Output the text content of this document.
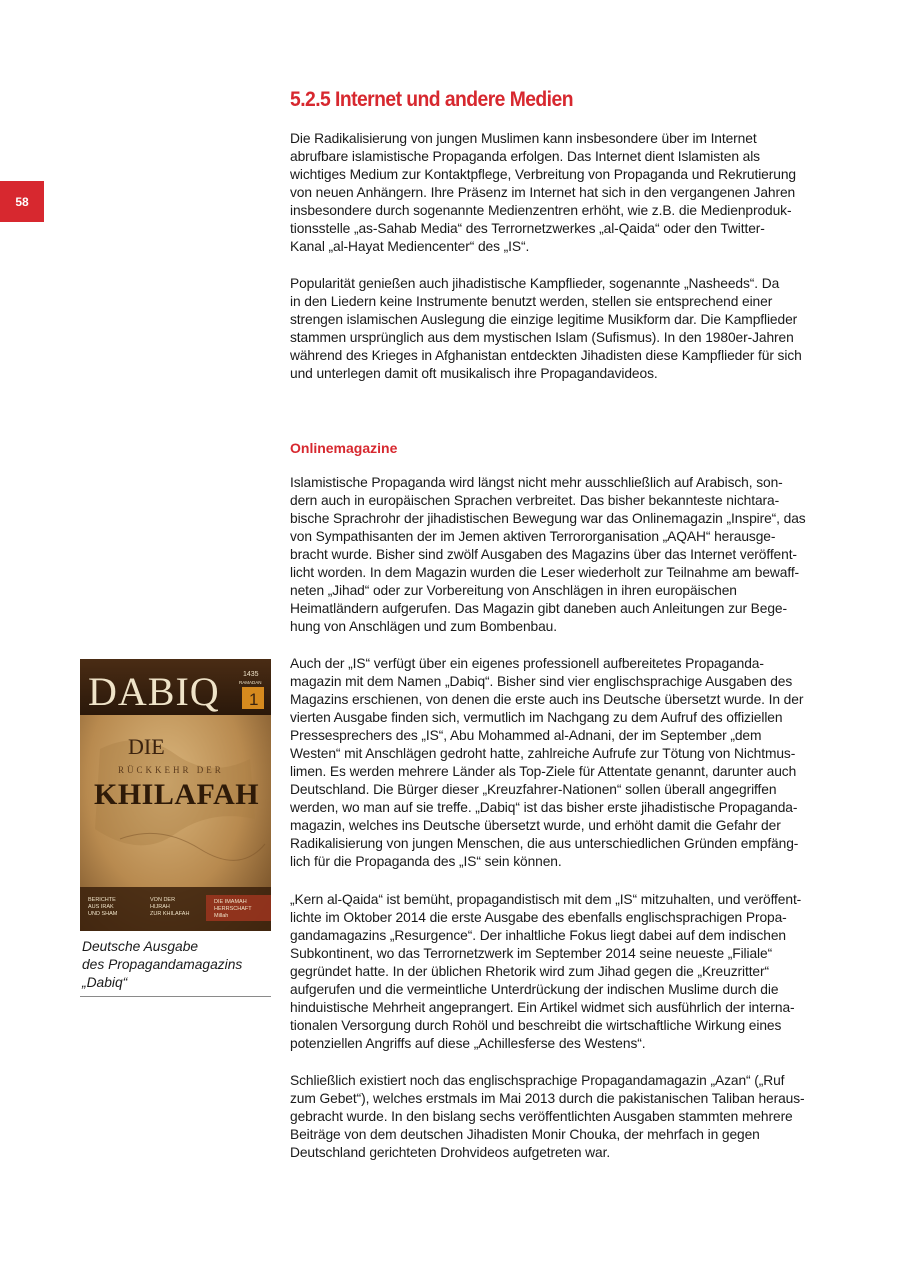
58
5.2.5 Internet und andere Medien

Die Radikalisierung von jungen Muslimen kann insbesondere über im Internet
abrufbare islamistische Propaganda erfolgen. Das Internet dient Islamisten als
wichtiges Medium zur Kontaktpflege, Verbreitung von Propaganda und Rekrutierung
von neuen Anhängern. Ihre Präsenz im Internet hat sich in den vergangenen Jahren
insbesondere durch sogenannte Medienzentren erhöht, wie z.B. die Medienproduk-
tionsstelle „as-Sahab Media“ des Terrornetzwerkes „al-Qaida“ oder den Twitter-
Kanal „al-Hayat Mediencenter“ des „IS“.

Popularität genießen auch jihadistische Kampflieder, sogenannte „Nasheeds“. Da
in den Liedern keine Instrumente benutzt werden, stellen sie entsprechend einer
strengen islamischen Auslegung die einzige legitime Musikform dar. Die Kampflieder
stammen ursprünglich aus dem mystischen Islam (Sufismus). In den 1980er-Jahren
während des Krieges in Afghanistan entdeckten Jihadisten diese Kampflieder für sich
und unterlegen damit oft musikalisch ihre Propagandavideos.

Onlinemagazine

Islamistische Propaganda wird längst nicht mehr ausschließlich auf Arabisch, son-
dern auch in europäischen Sprachen verbreitet. Das bisher bekannteste nichtara-
bische Sprachrohr der jihadistischen Bewegung war das Onlinemagazin „Inspire“, das
von Sympathisanten der im Jemen aktiven Terrororganisation „AQAH“ herausge-
bracht wurde. Bisher sind zwölf Ausgaben des Magazins über das Internet veröffent-
licht worden. In dem Magazin wurden die Leser wiederholt zur Teilnahme am bewaff-
neten „Jihad“ oder zur Vorbereitung von Anschlägen in ihren europäischen
Heimatländern aufgerufen. Das Magazin gibt daneben auch Anleitungen zur Bege-
hung von Anschlägen und zum Bombenbau.

Auch der „IS“ verfügt über ein eigenes professionell aufbereitetes Propaganda-
magazin mit dem Namen „Dabiq“. Bisher sind vier englischsprachige Ausgaben des
Magazins erschienen, von denen die erste auch ins Deutsche übersetzt wurde. In der
vierten Ausgabe finden sich, vermutlich im Nachgang zu dem Aufruf des offiziellen
Pressesprechers des „IS“, Abu Mohammed al-Adnani, der im September „dem
Westen“ mit Anschlägen gedroht hatte, zahlreiche Aufrufe zur Tötung von Nichtmus-
limen. Es werden mehrere Länder als Top-Ziele für Attentate genannt, darunter auch
Deutschland. Die Bürger dieser „Kreuzfahrer-Nationen“ sollen überall angegriffen
werden, wo man auf sie treffe. „Dabiq“ ist das bisher erste jihadistische Propaganda-
magazin, welches ins Deutsche übersetzt wurde, und erhöht damit die Gefahr der
Radikalisierung von jungen Menschen, die aus unterschiedlichen Gründen empfäng-
lich für die Propaganda des „IS“ sein können.

„Kern al-Qaida“ ist bemüht, propagandistisch mit dem „IS“ mitzuhalten, und veröffent-
lichte im Oktober 2014 die erste Ausgabe des ebenfalls englischsprachigen Propa-
gandamagazins „Resurgence“. Der inhaltliche Fokus liegt dabei auf dem indischen
Subkontinent, wo das Terrornetzwerk im September 2014 seine neueste „Filiale“
gegründet hatte. In der üblichen Rhetorik wird zum Jihad gegen die „Kreuzritter“
aufgerufen und die vermeintliche Unterdrückung der indischen Muslime durch die
hinduistische Mehrheit angeprangert. Ein Artikel widmet sich ausführlich der interna-
tionalen Versorgung durch Rohöl und beschreibt die wirtschaftliche Wirkung eines
potenziellen Angriffs auf diese „Achillesferse des Westens“.

Schließlich existiert noch das englischsprachige Propagandamagazin „Azan“ („Ruf
zum Gebet“), welches erstmals im Mai 2013 durch die pakistanischen Taliban heraus-
gebracht wurde. In den bislang sechs veröffentlichten Ausgaben stammten mehrere
Beiträge von dem deutschen Jihadisten Monir Chouka, der mehrfach in gegen
Deutschland gerichteten Drohvideos aufgetreten war.

DABIQ	1435
RAMADAN
1
DIE
RÜCKKEHR DER
KHILAFAH
BERICHTE AUS IRAK UND SHAM
VON DER HIJRAH ZUR KHILAFAH
DIE IMAMAH HERRSCHAFT Millah

Deutsche Ausgabe
des Propagandamagazins
„Dabiq“
